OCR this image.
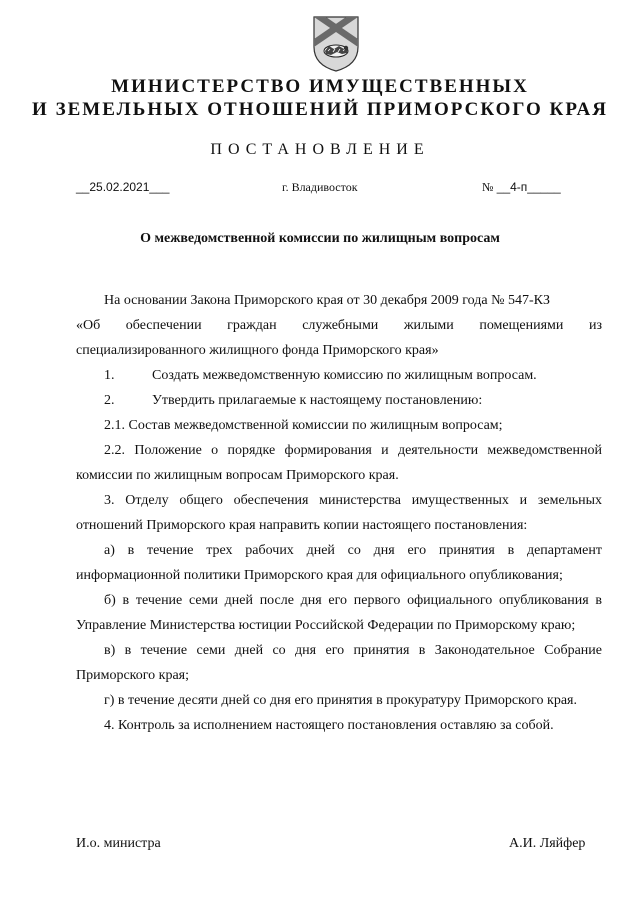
МИНИСТЕРСТВО ИМУЩЕСТВЕННЫХ
И ЗЕМЕЛЬНЫХ ОТНОШЕНИЙ ПРИМОРСКОГО КРАЯ
ПОСТАНОВЛЕНИЕ
__25.02.2021___	г. Владивосток	№ __4-п_____
О межведомственной комиссии по жилищным вопросам

На основании Закона Приморского края от 30 декабря 2009 года № 547-КЗ

«Об обеспечении граждан служебными жилыми помещениями из

специализированного жилищного фонда Приморского края»

1.	Создать межведомственную комиссию по жилищным вопросам.

2.	Утвердить прилагаемые к настоящему постановлению:

2.1. Состав межведомственной комиссии по жилищным вопросам;

2.2. Положение о порядке формирования и деятельности межведомственной комиссии по жилищным вопросам Приморского края.

3. Отделу общего обеспечения министерства имущественных и земельных отношений Приморского края направить копии настоящего постановления:

а) в течение трех рабочих дней со дня его принятия в департамент информационной политики Приморского края для официального опубликования;

б) в течение семи дней после дня его первого официального опубликования в Управление Министерства юстиции Российской Федерации по Приморскому краю;

в) в течение семи дней со дня его принятия в Законодательное Собрание Приморского края;

г) в течение десяти дней со дня его принятия в прокуратуру Приморского края.

4. Контроль за исполнением настоящего постановления оставляю за собой.

И.о. министра	А.И. Ляйфер
